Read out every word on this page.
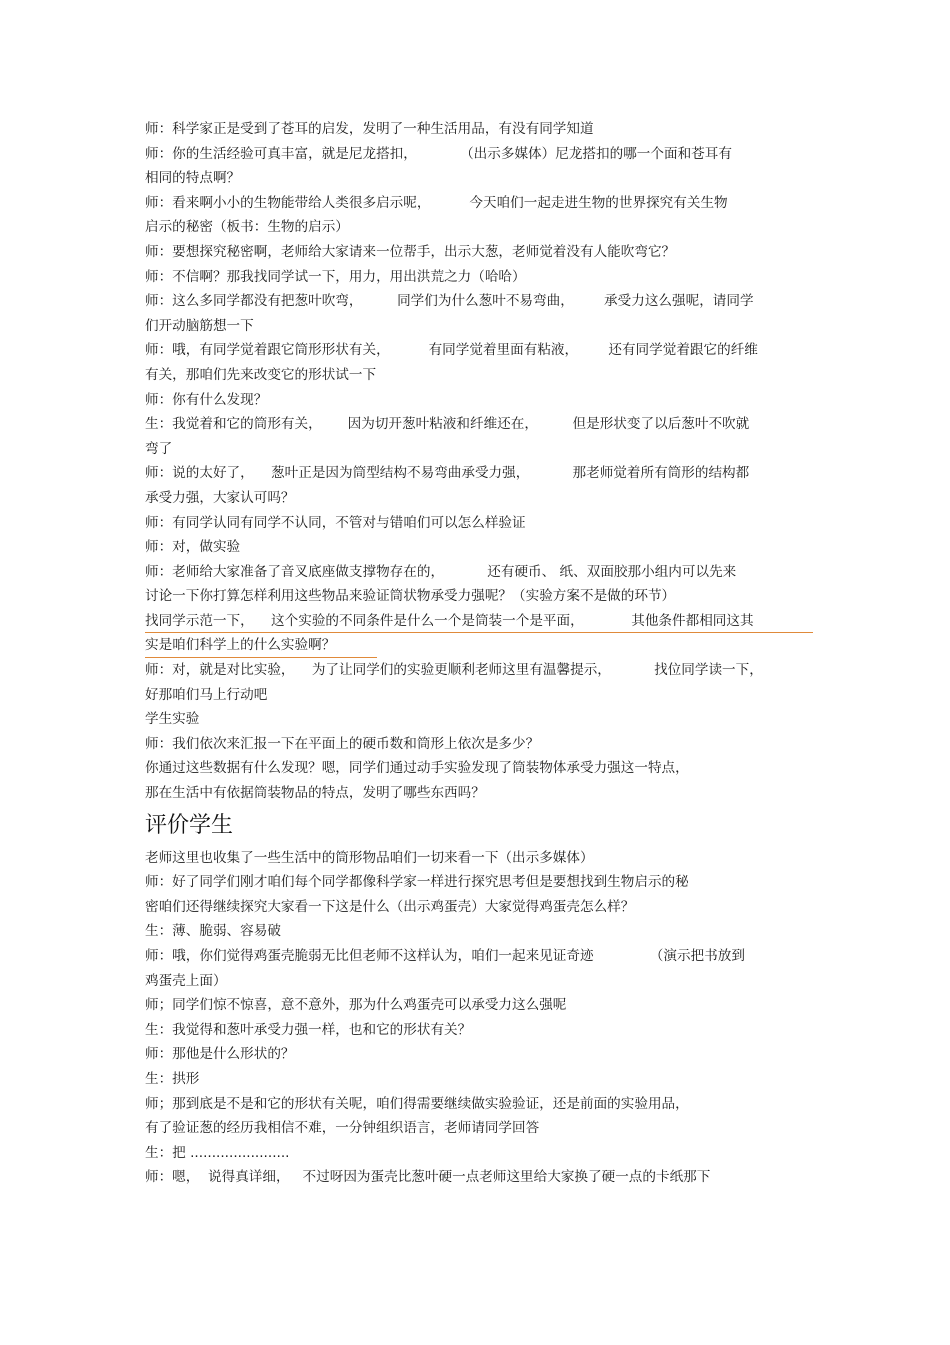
师：科学家正是受到了苍耳的启发，发明了一种生活用品，有没有同学知道
师：你的生活经验可真丰富，就是尼龙搭扣，          （出示多媒体）尼龙搭扣的哪一个面和苍耳有
相同的特点啊？
师：看来啊小小的生物能带给人类很多启示呢，         今天咱们一起走进生物的世界探究有关生物
启示的秘密（板书：生物的启示）
师：要想探究秘密啊，老师给大家请来一位帮手，出示大葱，老师觉着没有人能吹弯它？
师：不信啊？那我找同学试一下，用力，用出洪荒之力（哈哈）
师：这么多同学都没有把葱叶吹弯，        同学们为什么葱叶不易弯曲，       承受力这么强呢，请同学
们开动脑筋想一下
师：哦，有同学觉着跟它筒形形状有关，         有同学觉着里面有粘液，       还有同学觉着跟它的纤维
有关，那咱们先来改变它的形状试一下
师：你有什么发现？
生：我觉着和它的筒形有关，      因为切开葱叶粘液和纤维还在，        但是形状变了以后葱叶不吹就
弯了
师：说的太好了，    葱叶正是因为筒型结构不易弯曲承受力强，          那老师觉着所有筒形的结构都
承受力强，大家认可吗？
师：有同学认同有同学不认同，不管对与错咱们可以怎么样验证
师：对，做实验
师：老师给大家准备了音叉底座做支撑物存在的，          还有硬币、 纸、双面胶那小组内可以先来
讨论一下你打算怎样利用这些物品来验证筒状物承受力强呢？（实验方案不是做的环节）
找同学示范一下，    这个实验的不同条件是什么一个是筒装一个是平面，           其他条件都相同这其
实是咱们科学上的什么实验啊？
师：对，就是对比实验，    为了让同学们的实验更顺利老师这里有温馨提示，          找位同学读一下，
好那咱们马上行动吧
学生实验
师：我们依次来汇报一下在平面上的硬币数和筒形上依次是多少？
你通过这些数据有什么发现？嗯，同学们通过动手实验发现了筒装物体承受力强这一特点，
那在生活中有依据筒装物品的特点，发明了哪些东西吗？
评价学生
老师这里也收集了一些生活中的筒形物品咱们一切来看一下（出示多媒体）
师：好了同学们刚才咱们每个同学都像科学家一样进行探究思考但是要想找到生物启示的秘
密咱们还得继续探究大家看一下这是什么（出示鸡蛋壳）大家觉得鸡蛋壳怎么样？
生：薄、脆弱、容易破
师：哦，你们觉得鸡蛋壳脆弱无比但老师不这样认为，咱们一起来见证奇迹             （演示把书放到
鸡蛋壳上面）
师；同学们惊不惊喜，意不意外，那为什么鸡蛋壳可以承受力这么强呢
生：我觉得和葱叶承受力强一样，也和它的形状有关？
师：那他是什么形状的？
生：拱形
师；那到底是不是和它的形状有关呢，咱们得需要继续做实验验证，还是前面的实验用品，
有了验证葱的经历我相信不难，一分钟组织语言，老师请同学回答
生：把 .......................
师：嗯，  说得真详细，   不过呀因为蛋壳比葱叶硬一点老师这里给大家换了硬一点的卡纸那下
